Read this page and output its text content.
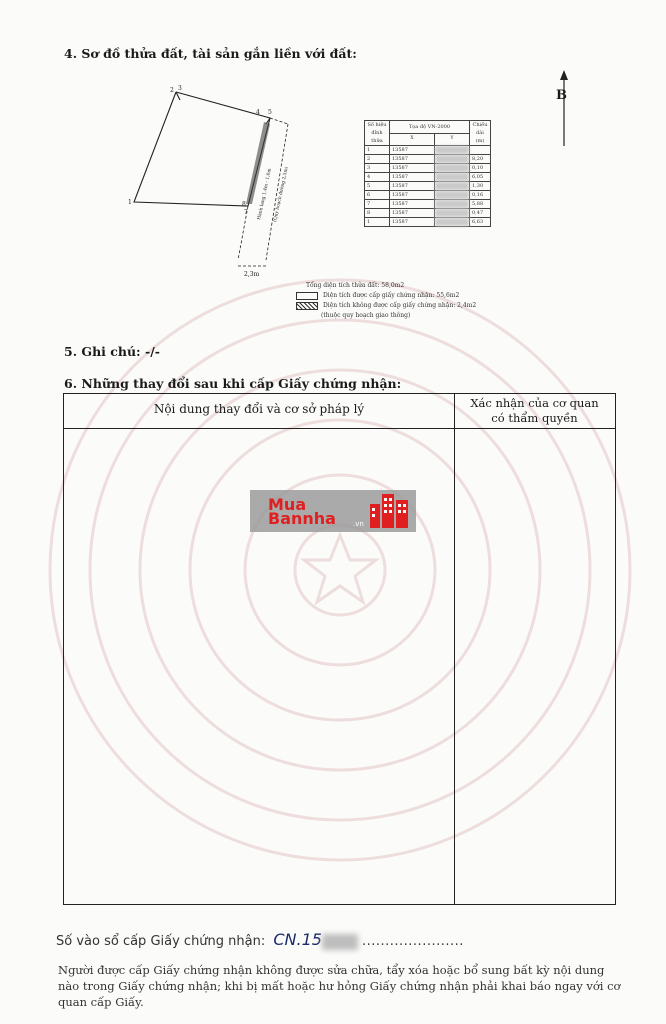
4. Sơ đồ thửa đất, tài sản gắn liền với đất:
2 3
4 5
1	8
7
2,3m
Hành lang 1,4m - 1,0m (Quy hoạch đường 2,5m)
B
Số hiệu đỉnh thửa	Tọa độ VN-2000		Chiều dài (m)
	X	Y	
1	13587		
2	13587		8,20
3	13587		0,10
4	13587		6,05
5	13587		1,30
6	13587		0,16
7	13587		5,88
8	13587		0,47
1	13587		6,63
Tổng diện tích thửa đất: 58,0m2
Diện tích được cấp giấy chứng nhận: 55,6m2
Diện tích không được cấp giấy chứng nhận: 2,4m2
(thuộc quy hoạch giao thông)
5. Ghi chú: -/-
6. Những thay đổi sau khi cấp Giấy chứng nhận:
Nội dung thay đổi và cơ sở pháp lý	Xác nhận của cơ quan
có thẩm quyền
Mua
Bannha .vn
Số vào sổ cấp Giấy chứng nhận: CN.15	......................
Người được cấp Giấy chứng nhận không được sửa chữa, tẩy xóa hoặc bổ sung bất kỳ nội dung nào trong Giấy chứng nhận; khi bị mất hoặc hư hỏng Giấy chứng nhận phải khai báo ngay với cơ quan cấp Giấy.
